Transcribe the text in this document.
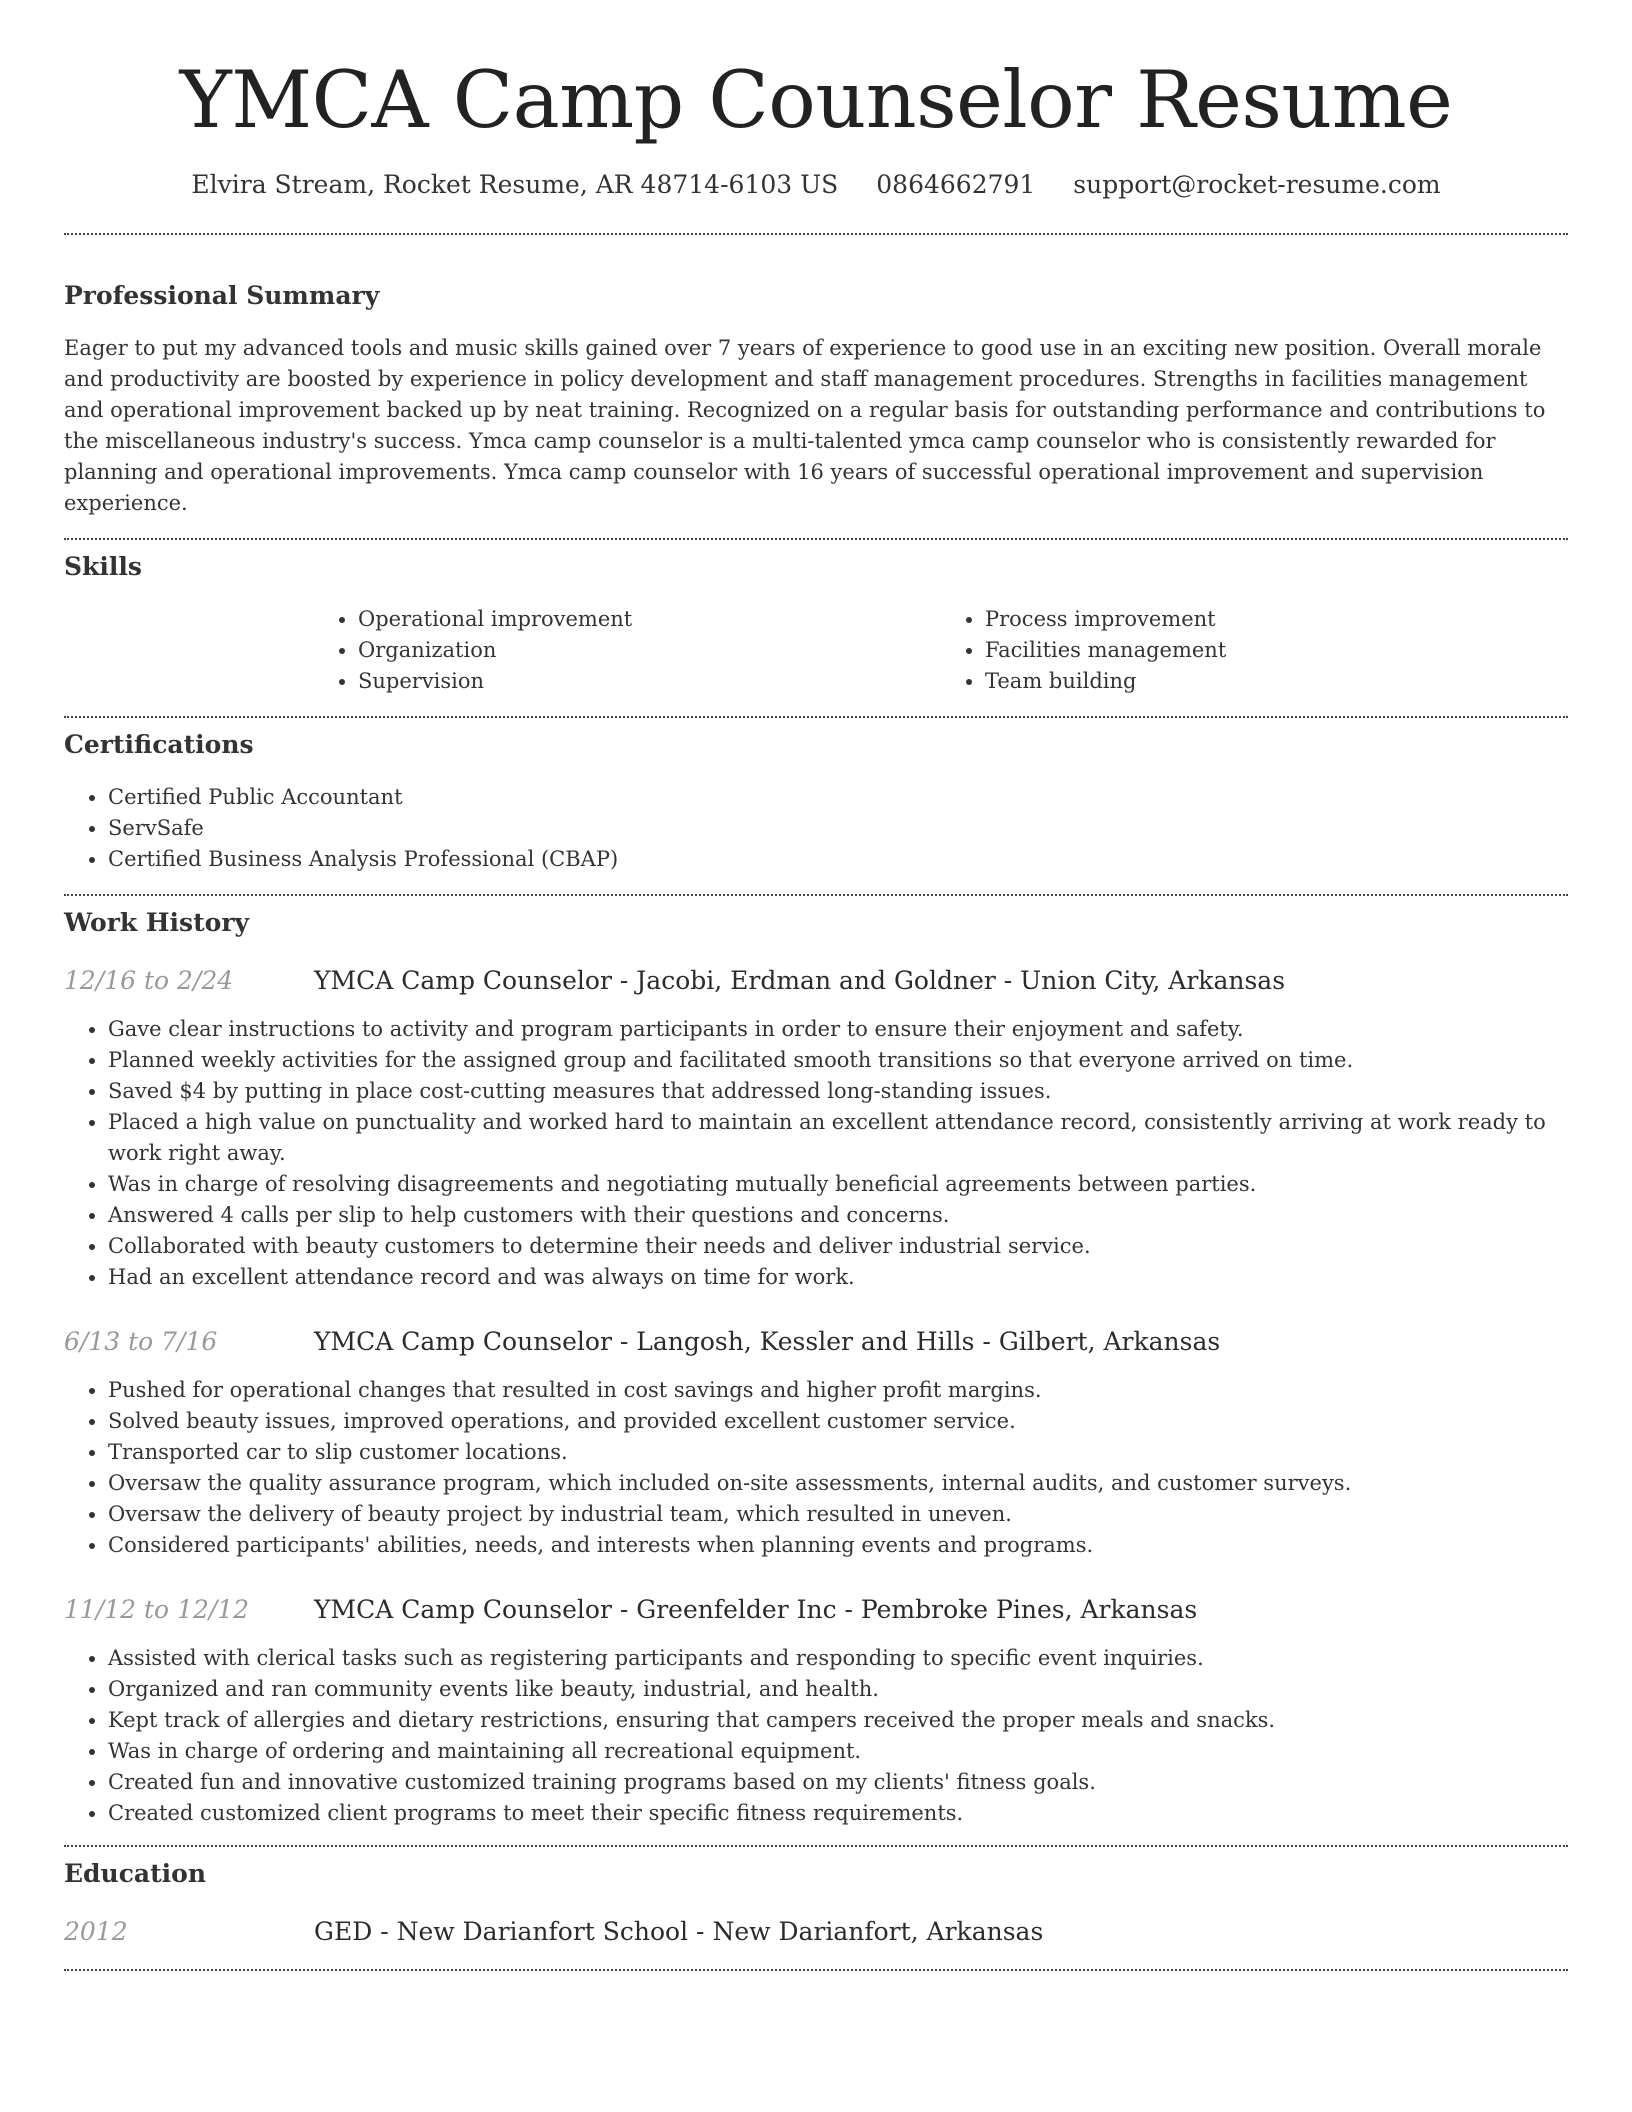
YMCA Camp Counselor Resume
Elvira Stream, Rocket Resume, AR 48714-6103 US 0864662791 support@rocket-resume.com
Professional Summary

Eager to put my advanced tools and music skills gained over 7 years of experience to good use in an exciting new position. Overall morale and productivity are boosted by experience in policy development and staff management procedures. Strengths in facilities management and operational improvement backed up by neat training. Recognized on a regular basis for outstanding performance and contributions to the miscellaneous industry's success. Ymca camp counselor is a multi-talented ymca camp counselor who is consistently rewarded for planning and operational improvements. Ymca camp counselor with 16 years of successful operational improvement and supervision experience.

Skills
• Operational improvement
• Organization
• Supervision
• Process improvement
• Facilities management
• Team building
Certifications
• Certified Public Accountant
• ServSafe
• Certified Business Analysis Professional (CBAP)
Work History
12/16 to 2/24	YMCA Camp Counselor - Jacobi, Erdman and Goldner - Union City, Arkansas
• Gave clear instructions to activity and program participants in order to ensure their enjoyment and safety.
• Planned weekly activities for the assigned group and facilitated smooth transitions so that everyone arrived on time.
• Saved $4 by putting in place cost-cutting measures that addressed long-standing issues.
• Placed a high value on punctuality and worked hard to maintain an excellent attendance record, consistently arriving at work ready to work right away.
• Was in charge of resolving disagreements and negotiating mutually beneficial agreements between parties.
• Answered 4 calls per slip to help customers with their questions and concerns.
• Collaborated with beauty customers to determine their needs and deliver industrial service.
• Had an excellent attendance record and was always on time for work.
6/13 to 7/16	YMCA Camp Counselor - Langosh, Kessler and Hills - Gilbert, Arkansas
• Pushed for operational changes that resulted in cost savings and higher profit margins.
• Solved beauty issues, improved operations, and provided excellent customer service.
• Transported car to slip customer locations.
• Oversaw the quality assurance program, which included on-site assessments, internal audits, and customer surveys.
• Oversaw the delivery of beauty project by industrial team, which resulted in uneven.
• Considered participants' abilities, needs, and interests when planning events and programs.
11/12 to 12/12	YMCA Camp Counselor - Greenfelder Inc - Pembroke Pines, Arkansas
• Assisted with clerical tasks such as registering participants and responding to specific event inquiries.
• Organized and ran community events like beauty, industrial, and health.
• Kept track of allergies and dietary restrictions, ensuring that campers received the proper meals and snacks.
• Was in charge of ordering and maintaining all recreational equipment.
• Created fun and innovative customized training programs based on my clients' fitness goals.
• Created customized client programs to meet their specific fitness requirements.
Education
2012	GED - New Darianfort School - New Darianfort, Arkansas
